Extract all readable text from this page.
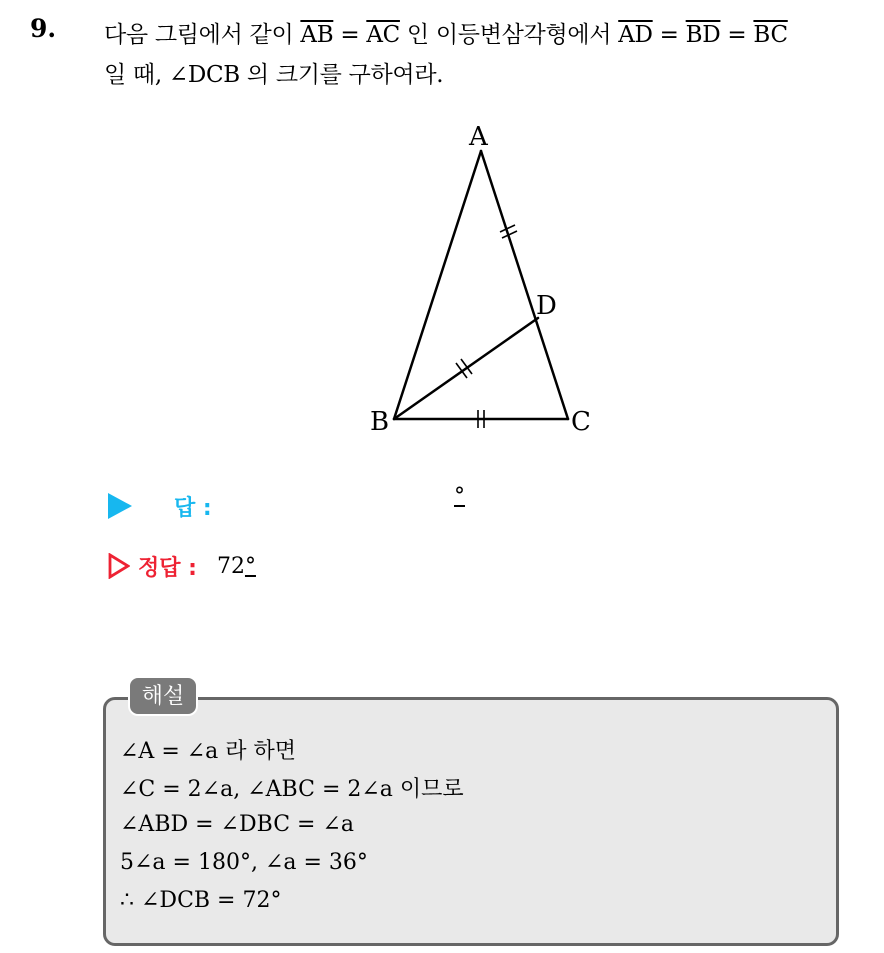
9. 다음 그림에서 같이 $\overline{AB} = \overline{AC}$ 인 이등변삼각형에서 $\overline{AD} = \overline{BD} = \overline{BC}$
일 때, ∠DCB 의 크기를 구하여라.
A
B	C
D
답 :	°
정답 : 72°
해설
∠A = ∠a 라 하면
∠C = 2∠a, ∠ABC = 2∠a 이므로
∠ABD = ∠DBC = ∠a
5∠a = 180°, ∠a = 36°
∴ ∠DCB = 72°
